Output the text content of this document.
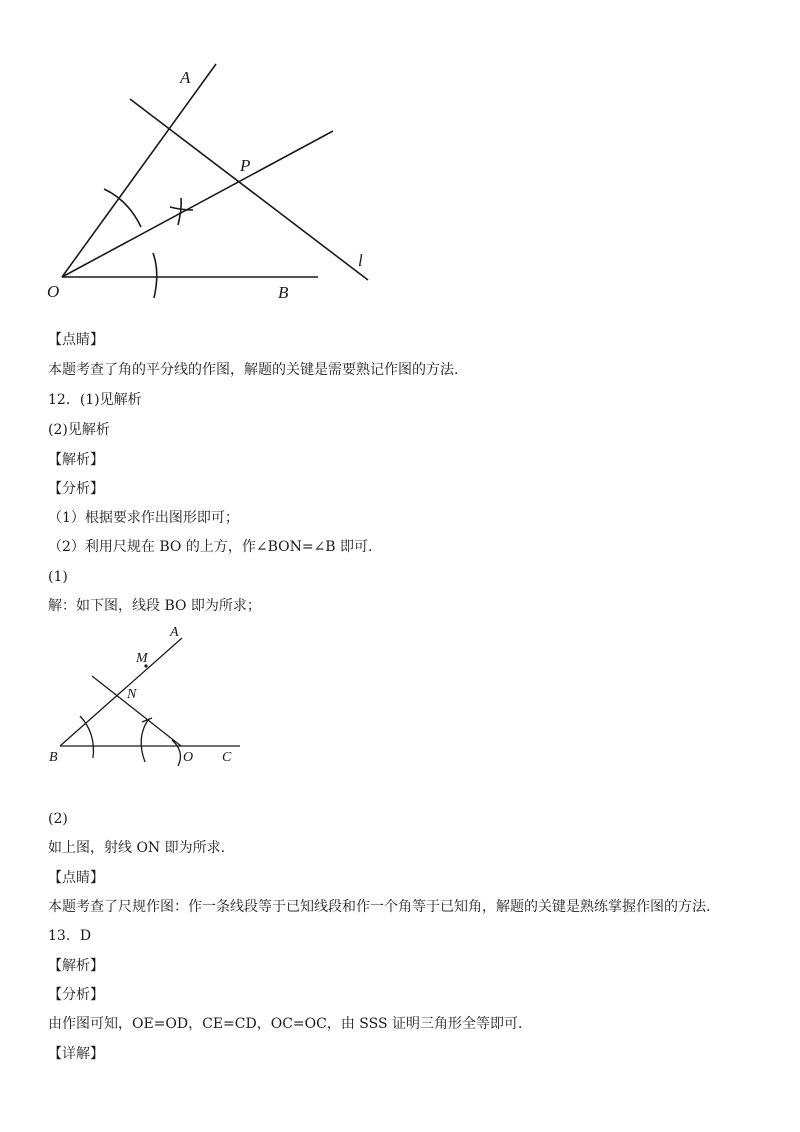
A
P
l
O	B
【点睛】
本题考查了角的平分线的作图，解题的关键是需要熟记作图的方法.
12．(1)见解析
(2)见解析
【解析】
【分析】
（1）根据要求作出图形即可；
（2）利用尺规在 BO 的上方，作∠BON=∠B 即可.
(1)
解：如下图，线段 BO 即为所求；
A
M
N
B	O C
(2)
如上图，射线 ON 即为所求.
【点睛】
本题考查了尺规作图：作一条线段等于已知线段和作一个角等于已知角，解题的关键是熟练掌握作图的方法.
13．D
【解析】
【分析】
由作图可知，OE=OD，CE=CD，OC=OC，由 SSS 证明三角形全等即可.
【详解】
